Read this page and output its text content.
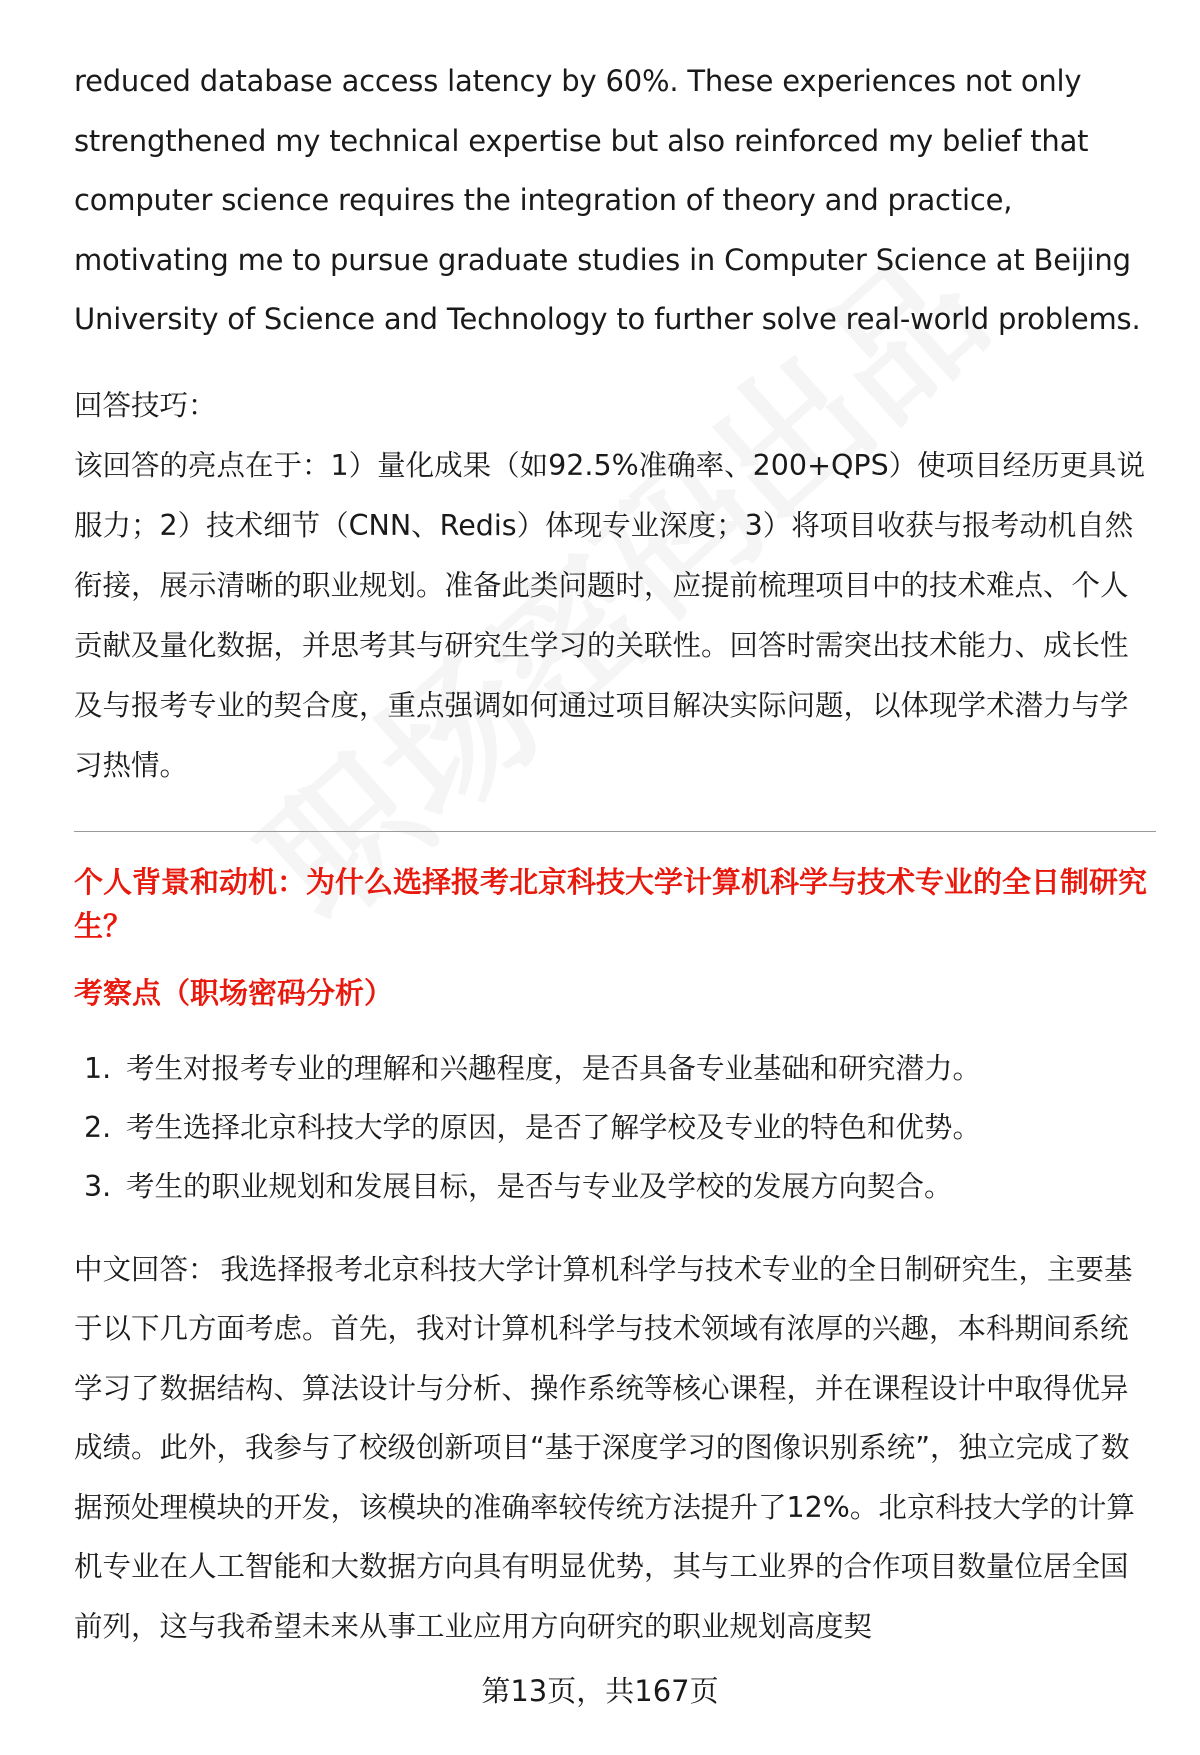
reduced database access latency by 60%. These experiences not only strengthened my technical expertise but also reinforced my belief that computer science requires the integration of theory and practice, motivating me to pursue graduate studies in Computer Science at Beijing University of Science and Technology to further solve real-world problems.

回答技巧：

该回答的亮点在于：1）量化成果（如92.5%准确率、200+QPS）使项目经历更具说服力；2）技术细节（CNN、Redis）体现专业深度；3）将项目收获与报考动机自然衔接，展示清晰的职业规划。准备此类问题时，应提前梳理项目中的技术难点、个人贡献及量化数据，并思考其与研究生学习的关联性。回答时需突出技术能力、成长性及与报考专业的契合度，重点强调如何通过项目解决实际问题，以体现学术潜力与学习热情。

个人背景和动机：为什么选择报考北京科技大学计算机科学与技术专业的全日制研究生？

考察点（职场密码分析）

1. 考生对报考专业的理解和兴趣程度，是否具备专业基础和研究潜力。
2. 考生选择北京科技大学的原因，是否了解学校及专业的特色和优势。
3. 考生的职业规划和发展目标，是否与专业及学校的发展方向契合。

中文回答： 我选择报考北京科技大学计算机科学与技术专业的全日制研究生，主要基于以下几方面考虑。首先，我对计算机科学与技术领域有浓厚的兴趣，本科期间系统学习了数据结构、算法设计与分析、操作系统等核心课程，并在课程设计中取得优异成绩。此外，我参与了校级创新项目“基于深度学习的图像识别系统”，独立完成了数据预处理模块的开发，该模块的准确率较传统方法提升了12%。北京科技大学的计算机专业在人工智能和大数据方向具有明显优势，其与工业界的合作项目数量位居全国前列，这与我希望未来从事工业应用方向研究的职业规划高度契

第13页，共167页
